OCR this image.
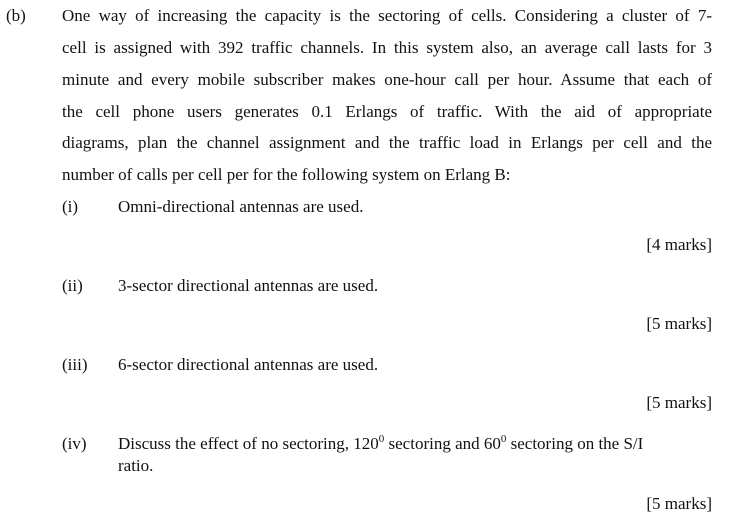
(b) One way of increasing the capacity is the sectoring of cells. Considering a cluster of 7-
cell is assigned with 392 traffic channels. In this system also, an average call lasts for 3
minute and every mobile subscriber makes one-hour call per hour. Assume that each of
the cell phone users generates 0.1 Erlangs of traffic. With the aid of appropriate
diagrams, plan the channel assignment and the traffic load in Erlangs per cell and the
number of calls per cell per for the following system on Erlang B:
(i) Omni-directional antennas are used.
[4 marks]
(ii) 3-sector directional antennas are used.
[5 marks]
(iii) 6-sector directional antennas are used.
[5 marks]
(iv) Discuss the effect of no sectoring, $120^0$ sectoring and $60^0$ sectoring on the S/I
ratio.
[5 marks]
